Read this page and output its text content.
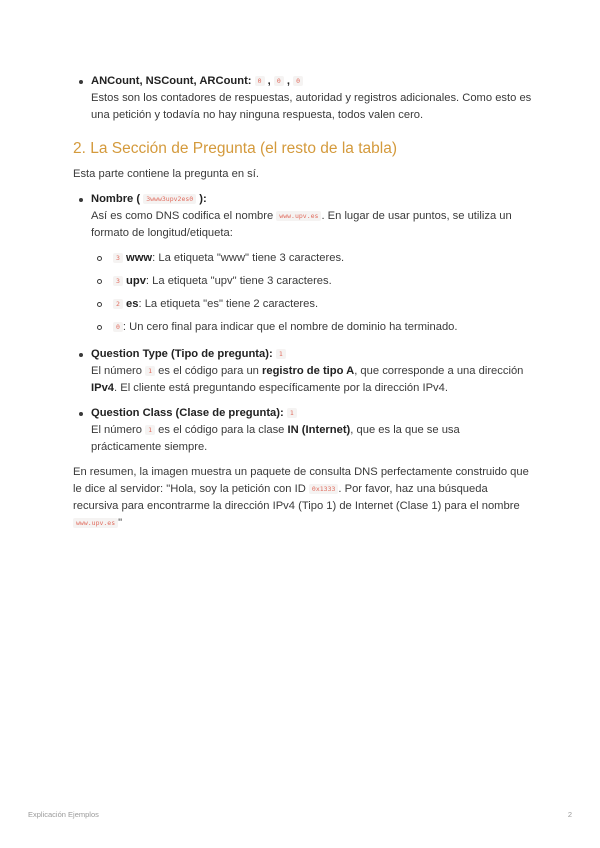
ANCount, NSCount, ARCount: 0 , 0 , 0
Estos son los contadores de respuestas, autoridad y registros adicionales. Como esto es una petición y todavía no hay ninguna respuesta, todos valen cero.
2. La Sección de Pregunta (el resto de la tabla)

Esta parte contiene la pregunta en sí.

Nombre ( 3www3upv2es0 ):
Así es como DNS codifica el nombre www.upv.es . En lugar de usar puntos, se utiliza un formato de longitud/etiqueta:
3 www: La etiqueta "www" tiene 3 caracteres.
3 upv: La etiqueta "upv" tiene 3 caracteres.
2 es: La etiqueta "es" tiene 2 caracteres.
0 : Un cero final para indicar que el nombre de dominio ha terminado.
Question Type (Tipo de pregunta): 1
El número 1 es el código para un registro de tipo A, que corresponde a una dirección IPv4. El cliente está preguntando específicamente por la dirección IPv4.
Question Class (Clase de pregunta): 1
El número 1 es el código para la clase IN (Internet), que es la que se usa prácticamente siempre.

En resumen, la imagen muestra un paquete de consulta DNS perfectamente construido que le dice al servidor: "Hola, soy la petición con ID 0x1333 . Por favor, haz una búsqueda recursiva para encontrarme la dirección IPv4 (Tipo 1) de Internet (Clase 1) para el nombre www.upv.es "

Explicación Ejemplos	2
